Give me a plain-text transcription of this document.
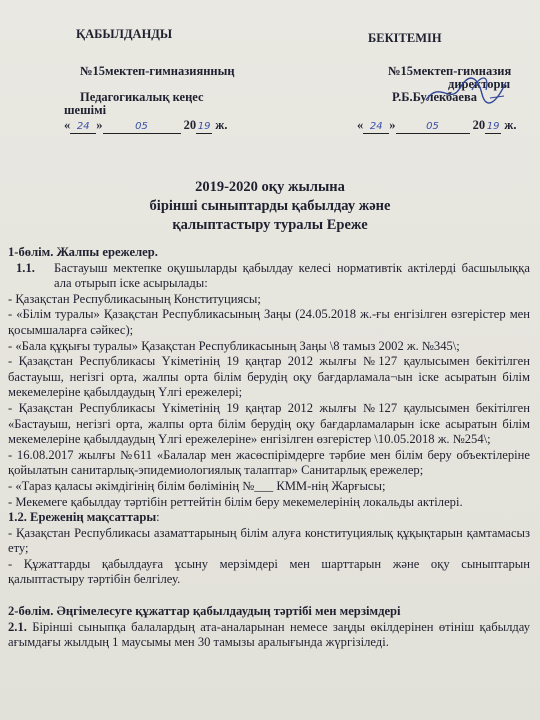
ҚАБЫЛДАНДЫ
№15мектеп-гимназиянның
Педагогикалық кеңес
шешімі
« 24 »	05	20 19 ж.
БЕКІТЕМІН
№15мектеп-гимназия
директоры
Р.Б.Булекбаева
« 24 »	05	20 19 ж.
2019-2020 оқу жылына
бірінші сыныптарды қабылдау және
қалыптастыру туралы Ереже

1-бөлім. Жалпы ережелер.

1.1. Бастауыш мектепке оқушыларды қабылдау келесі нормативтік актілерді басшылыққа ала отырып іске асырылады:

- Қазақстан Республикасының Конституциясы;

- «Білім туралы» Қазақстан Республикасының Заңы (24.05.2018 ж.-ғы енгізілген өзгерістер мен қосымшаларға сәйкес);

- «Бала құқығы туралы» Қазақстан Республикасының Заңы \8 тамыз 2002 ж. №345\;

- Қазақстан Республикасы Үкіметінің 19 қаңтар 2012 жылғы №127 қаулысымен бекітілген бастауыш, негізгі орта, жалпы орта білім берудің оқу бағдарламала¬ын іске асыратын білім мекемелеріне қабылдаудың Үлгі ережелері;

- Қазақстан Республикасы Үкіметінің 19 қаңтар 2012 жылғы №127 қаулысымен бекітілген «Бастауыш, негізгі орта, жалпы орта білім берудің оқу бағдарламаларын іске асыратын білім мекемелеріне қабылдаудың Үлгі ережелеріне» енгізілген өзгерістер \10.05.2018 ж. №254\;

- 16.08.2017 жылғы №611 «Балалар мен жасөспірімдерге тәрбие мен білім беру объектілеріне қойылатын санитарлық-эпидемиологиялық талаптар» Санитарлық ережелер;

- «Тараз қаласы әкімдігінің білім бөлімінің №___ КММ-нің Жарғысы;

- Мекемеге қабылдау тәртібін реттейтін білім беру мекемелерінің локальды актілері.

1.2. Ереженің мақсаттары:

- Қазақстан Республикасы азаматтарының білім алуға конституциялық құқықтарын қамтамасыз ету;

- Құжаттарды қабылдауға ұсыну мерзімдері мен шарттарын және оқу сыныптарын қалыптастыру тәртібін белгілеу.

2-бөлім. Әңгімелесуге құжаттар қабылдаудың тәртібі мен мерзімдері

2.1. Бірінші сыныпқа балалардың ата-аналарынан немесе заңды өкілдерінен өтініш қабылдау ағымдағы жылдың 1 маусымы мен 30 тамызы аралығында жүргізіледі.
